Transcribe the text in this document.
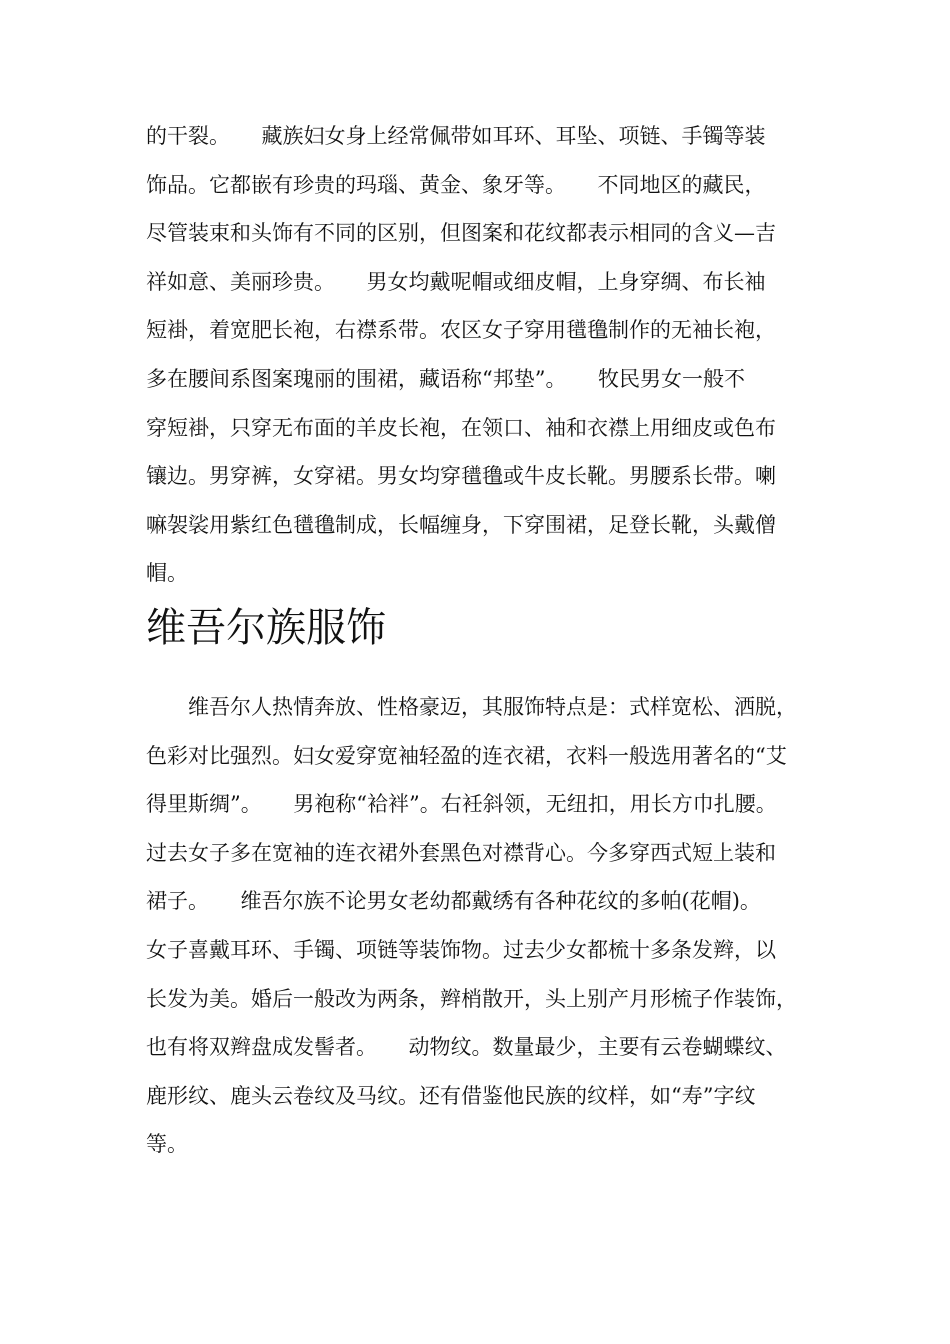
的干裂。　　藏族妇女身上经常佩带如耳环、耳坠、项链、手镯等装
饰品。它都嵌有珍贵的玛瑙、黄金、象牙等。　　不同地区的藏民，
尽管装束和头饰有不同的区别，但图案和花纹都表示相同的含义—吉
祥如意、美丽珍贵。　　男女均戴呢帽或细皮帽，上身穿绸、布长袖
短褂，着宽肥长袍，右襟系带。农区女子穿用氆氇制作的无袖长袍，
多在腰间系图案瑰丽的围裙，藏语称“邦垫”。　　牧民男女一般不
穿短褂，只穿无布面的羊皮长袍，在领口、袖和衣襟上用细皮或色布
镶边。男穿裤，女穿裙。男女均穿氆氇或牛皮长靴。男腰系长带。喇
嘛袈裟用紫红色氆氇制成，长幅缠身，下穿围裙，足登长靴，头戴僧
帽。
维吾尔族服饰
　　维吾尔人热情奔放、性格豪迈，其服饰特点是：式样宽松、洒脱，
色彩对比强烈。妇女爱穿宽袖轻盈的连衣裙，衣料一般选用著名的“艾
得里斯绸”。　　男袍称“袷袢”。右衽斜领，无纽扣，用长方巾扎腰。
过去女子多在宽袖的连衣裙外套黑色对襟背心。今多穿西式短上装和
裙子。　　维吾尔族不论男女老幼都戴绣有各种花纹的多帕(花帽)。
女子喜戴耳环、手镯、项链等装饰物。过去少女都梳十多条发辫，以
长发为美。婚后一般改为两条，辫梢散开，头上别产月形梳子作装饰，
也有将双辫盘成发髻者。　　动物纹。数量最少，主要有云卷蝴蝶纹、
鹿形纹、鹿头云卷纹及马纹。还有借鉴他民族的纹样，如“寿”字纹
等。
